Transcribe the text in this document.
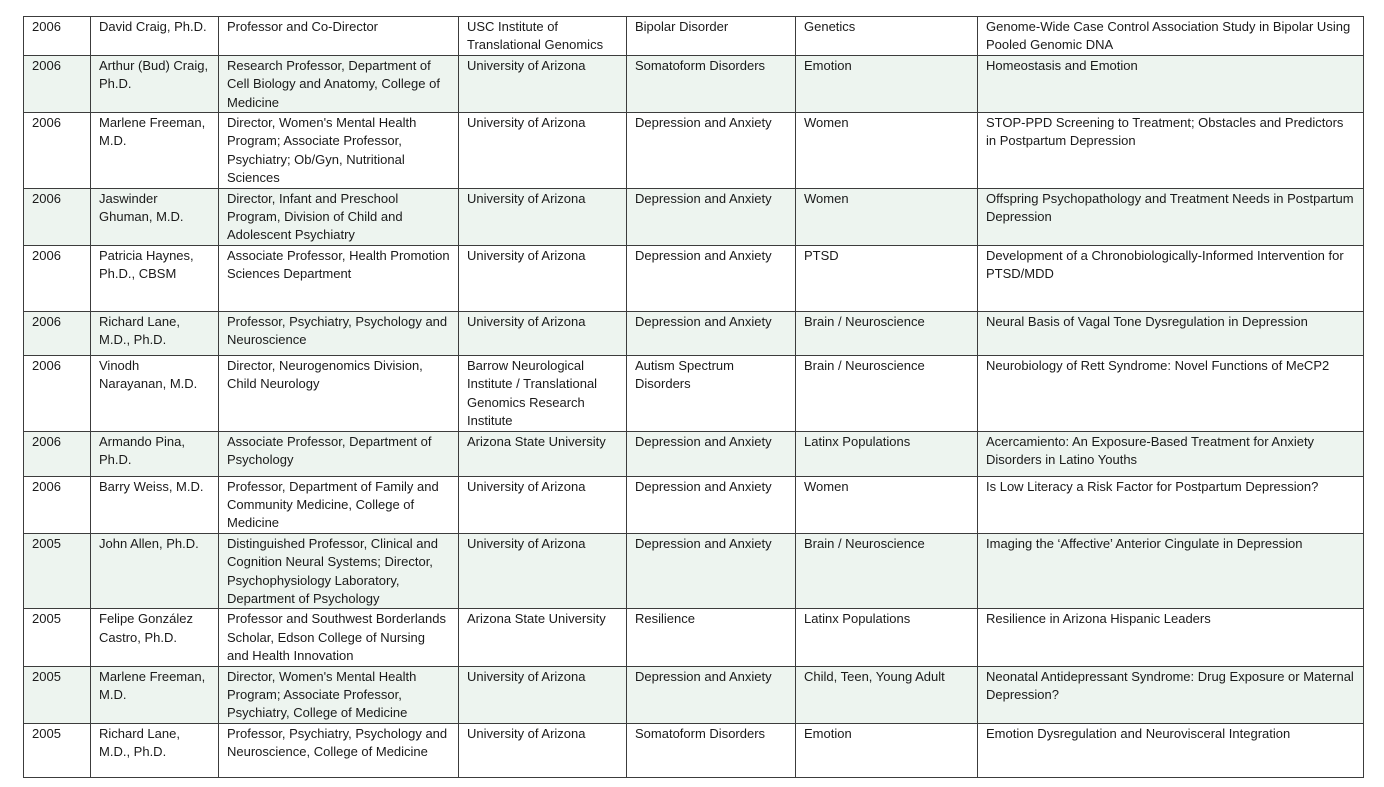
2006	David Craig, Ph.D.	Professor and Co-Director	USC Institute of Translational Genomics	Bipolar Disorder	Genetics	Genome-Wide Case Control Association Study in Bipolar Using Pooled Genomic DNA
2006	Arthur (Bud) Craig, Ph.D.	Research Professor, Department of Cell Biology and Anatomy, College of Medicine	University of Arizona	Somatoform Disorders	Emotion	Homeostasis and Emotion
2006	Marlene Freeman, M.D.	Director, Women's Mental Health Program; Associate Professor, Psychiatry; Ob/Gyn, Nutritional Sciences	University of Arizona	Depression and Anxiety	Women	STOP-PPD Screening to Treatment; Obstacles and Predictors in Postpartum Depression
2006	Jaswinder Ghuman, M.D.	Director, Infant and Preschool Program, Division of Child and Adolescent Psychiatry	University of Arizona	Depression and Anxiety	Women	Offspring Psychopathology and Treatment Needs in Postpartum Depression
2006	Patricia Haynes, Ph.D., CBSM	Associate Professor, Health Promotion Sciences Department	University of Arizona	Depression and Anxiety	PTSD	Development of a Chronobiologically-Informed Intervention for PTSD/MDD
2006	Richard Lane, M.D., Ph.D.	Professor, Psychiatry, Psychology and Neuroscience	University of Arizona	Depression and Anxiety	Brain / Neuroscience	Neural Basis of Vagal Tone Dysregulation in Depression
2006	Vinodh Narayanan, M.D.	Director, Neurogenomics Division, Child Neurology	Barrow Neurological Institute / Translational Genomics Research Institute	Autism Spectrum Disorders	Brain / Neuroscience	Neurobiology of Rett Syndrome: Novel Functions of MeCP2
2006	Armando Pina, Ph.D.	Associate Professor, Department of Psychology	Arizona State University	Depression and Anxiety	Latinx Populations	Acercamiento: An Exposure-Based Treatment for Anxiety Disorders in Latino Youths
2006	Barry Weiss, M.D.	Professor, Department of Family and Community Medicine, College of Medicine	University of Arizona	Depression and Anxiety	Women	Is Low Literacy a Risk Factor for Postpartum Depression?
2005	John Allen, Ph.D.	Distinguished Professor, Clinical and Cognition Neural Systems; Director, Psychophysiology Laboratory, Department of Psychology	University of Arizona	Depression and Anxiety	Brain / Neuroscience	Imaging the ‘Affective’ Anterior Cingulate in Depression
2005	Felipe González Castro, Ph.D.	Professor and Southwest Borderlands Scholar, Edson College of Nursing and Health Innovation	Arizona State University	Resilience	Latinx Populations	Resilience in Arizona Hispanic Leaders
2005	Marlene Freeman, M.D.	Director, Women's Mental Health Program; Associate Professor, Psychiatry, College of Medicine	University of Arizona	Depression and Anxiety	Child, Teen, Young Adult	Neonatal Antidepressant Syndrome: Drug Exposure or Maternal Depression?
2005	Richard Lane, M.D., Ph.D.	Professor, Psychiatry, Psychology and Neuroscience, College of Medicine	University of Arizona	Somatoform Disorders	Emotion	Emotion Dysregulation and Neurovisceral Integration
